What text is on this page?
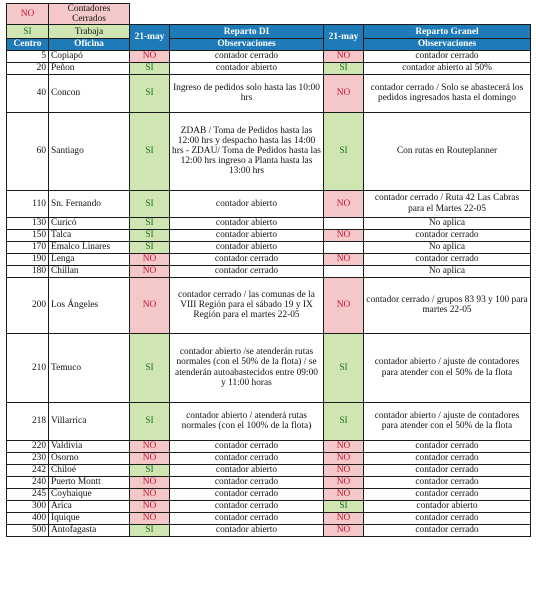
NO	Contadores Cerrados				
SI	Trabaja	21-may	Reparto DI	21-may	Reparto Granel
Centro	Oficina		Observaciones		Observaciones
5	Copiapó	NO	contador cerrado	NO	contador cerrado
20	Peñon	SI	contador abierto	SI	contador abierto al 50%
40	Concon	SI	Ingreso de pedidos solo hasta las 10:00 hrs	NO	contador cerrado / Solo se abastecerá los pedidos ingresados hasta el domingo
60	Santiago	SI	ZDAB / Toma de Pedidos hasta las 12:00 hrs y despacho hasta las 14:00 hrs - ZDAU/ Toma de Pedidos hasta las 12:00 hrs ingreso a Planta hasta las 13:00 hrs	SI	Con rutas en Routeplanner
110	Sn. Fernando	SI	contador abierto	NO	contador cerrado / Ruta 42 Las Cabras para el Martes 22-05
130	Curicó	SI	contador abierto		No aplica
150	Talca	SI	contador abierto	NO	contador cerrado
170	Emalco Linares	SI	contador abierto		No aplica
190	Lenga	NO	contador cerrado	NO	contador cerrado
180	Chillan	NO	contador cerrado		No aplica
200	Los Ángeles	NO	contador cerrado / las comunas de la VIII Región para el sábado 19 y IX Región para el martes 22-05	NO	contador cerrado / grupos 83 93 y 100 para martes 22-05
210	Temuco	SI	contador abierto /se atenderán rutas normales (con el 50% de la flota) / se atenderán autoabastecidos entre 09:00 y 11:00 horas	SI	contador abierto / ajuste de contadores para atender con el 50% de la flota
218	Villarrica	SI	contador abierto / atenderá rutas normales (con el 100% de la flota)	SI	contador abierto / ajuste de contadores para atender con el 50% de la flota
220	Valdivia	NO	contador cerrado	NO	contador cerrado
230	Osorno	NO	contador cerrado	NO	contador cerrado
242	Chiloé	SI	contador abierto	NO	contador cerrado
240	Puerto Montt	NO	contador cerrado	NO	contador cerrado
245	Coyhaique	NO	contador cerrado	NO	contador cerrado
300	Arica	NO	contador cerrado	SI	contador abierto
400	Iquique	NO	contador cerrado	NO	contador cerrado
500	Antofagasta	SI	contador abierto	NO	contador cerrado
